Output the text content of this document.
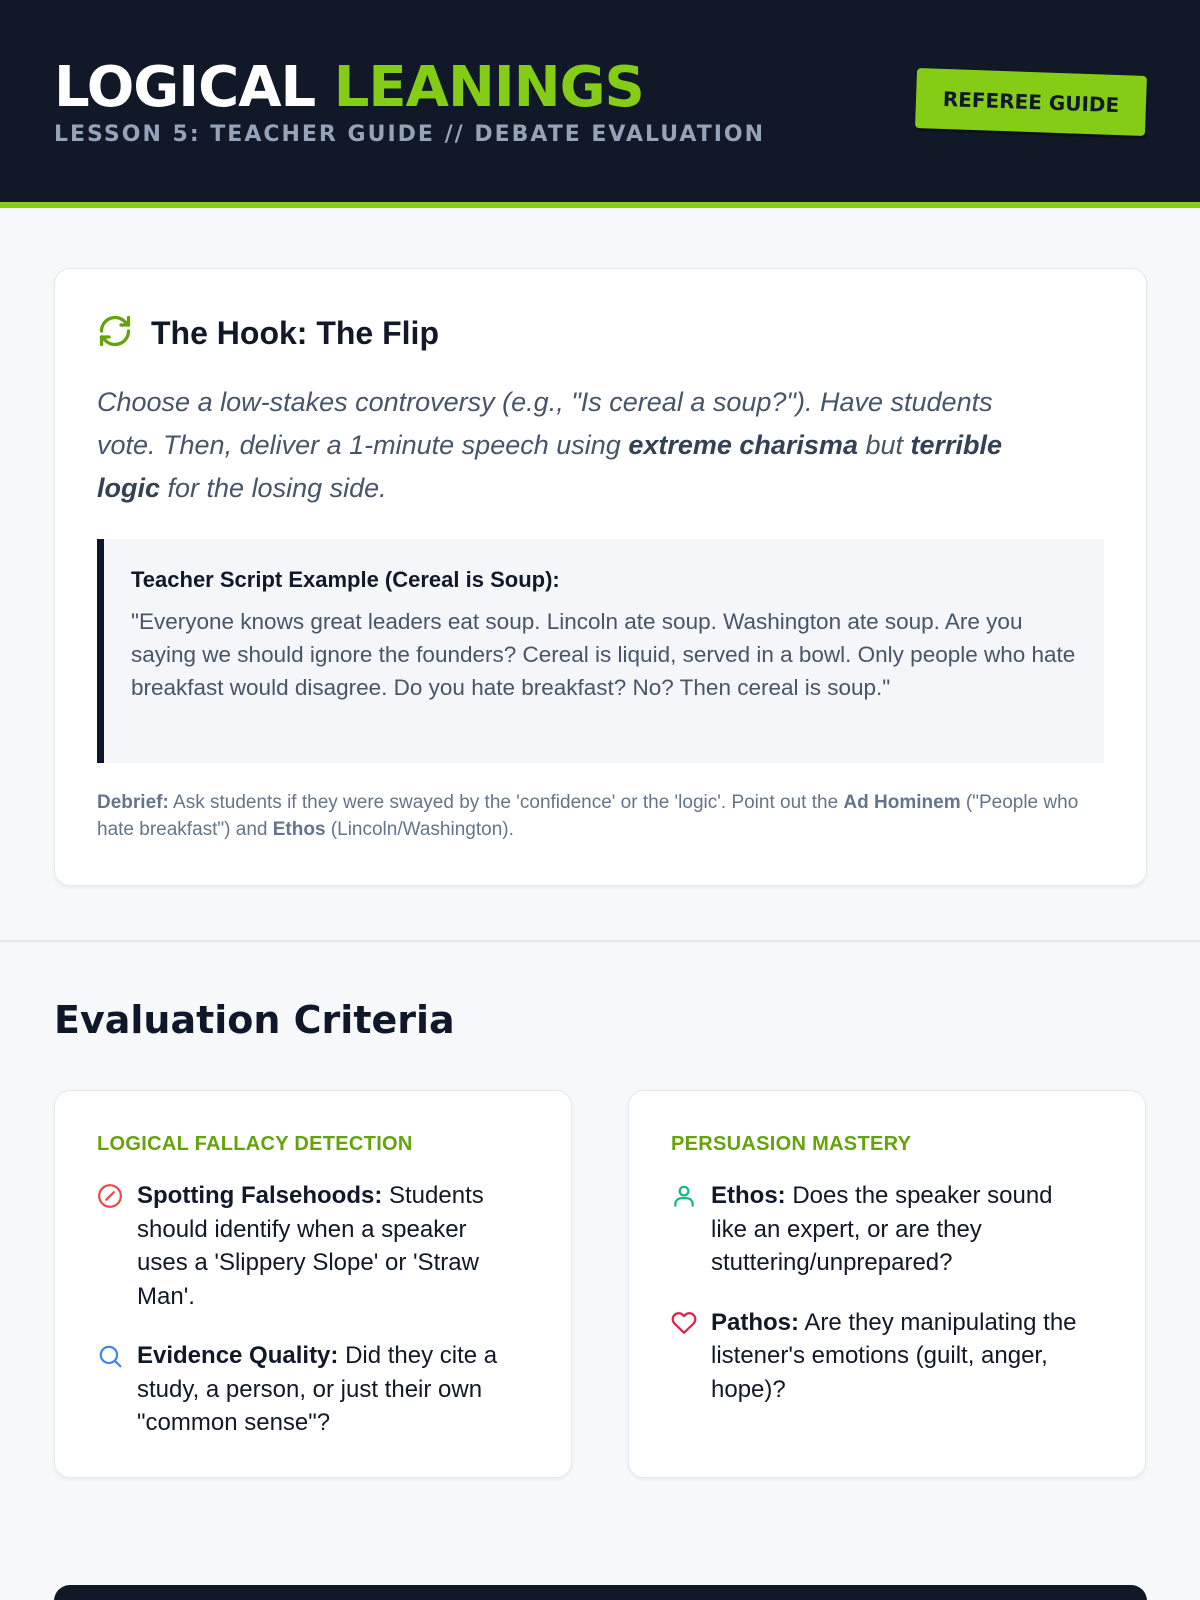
LOGICAL LEANINGS
LESSON 5: TEACHER GUIDE // DEBATE EVALUATION
REFEREE GUIDE
The Hook: The Flip
Choose a low-stakes controversy (e.g., "Is cereal a soup?"). Have students vote. Then, deliver a 1-minute speech using extreme charisma but terrible logic for the losing side.
Teacher Script Example (Cereal is Soup):
"Everyone knows great leaders eat soup. Lincoln ate soup. Washington ate soup. Are you saying we should ignore the founders? Cereal is liquid, served in a bowl. Only people who hate breakfast would disagree. Do you hate breakfast? No? Then cereal is soup."
Debrief: Ask students if they were swayed by the 'confidence' or the 'logic'. Point out the Ad Hominem ("People who hate breakfast") and Ethos (Lincoln/Washington).
Evaluation Criteria
LOGICAL FALLACY DETECTION
Spotting Falsehoods: Students should identify when a speaker uses a 'Slippery Slope' or 'Straw Man'.
Evidence Quality: Did they cite a study, a person, or just their own "common sense"?
PERSUASION MASTERY
Ethos: Does the speaker sound like an expert, or are they stuttering/unprepared?
Pathos: Are they manipulating the listener's emotions (guilt, anger, hope)?
